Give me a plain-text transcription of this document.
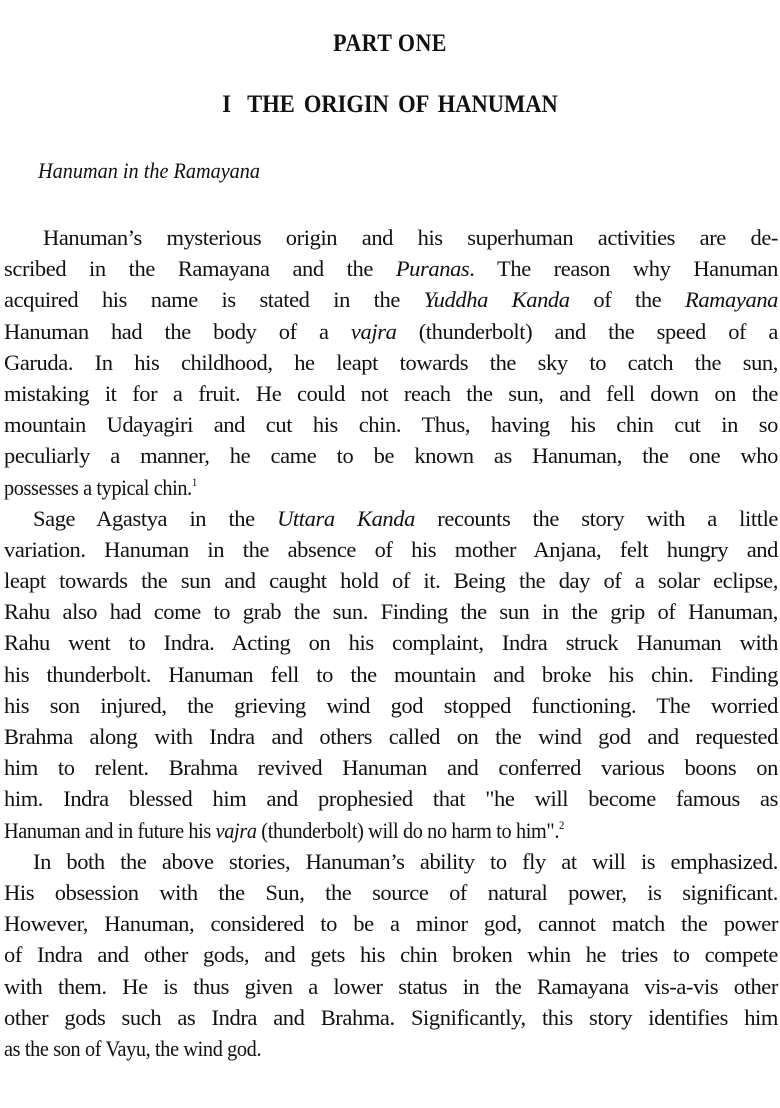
PART ONE
I THE ORIGIN OF HANUMAN
Hanuman in the Ramayana
Hanuman’s mysterious origin and his superhuman activities are de-
scribed in the Ramayana and the Puranas. The reason why Hanuman
acquired his name is stated in the Yuddha Kanda of the Ramayana
Hanuman had the body of a vajra (thunderbolt) and the speed of a
Garuda. In his childhood, he leapt towards the sky to catch the sun,
mistaking it for a fruit. He could not reach the sun, and fell down on the
mountain Udayagiri and cut his chin. Thus, having his chin cut in so
peculiarly a manner, he came to be known as Hanuman, the one who
possesses a typical chin.$^1$
Sage Agastya in the Uttara Kanda recounts the story with a little
variation. Hanuman in the absence of his mother Anjana, felt hungry and
leapt towards the sun and caught hold of it. Being the day of a solar eclipse,
Rahu also had come to grab the sun. Finding the sun in the grip of Hanuman,
Rahu went to Indra. Acting on his complaint, Indra struck Hanuman with
his thunderbolt. Hanuman fell to the mountain and broke his chin. Finding
his son injured, the grieving wind god stopped functioning. The worried
Brahma along with Indra and others called on the wind god and requested
him to relent. Brahma revived Hanuman and conferred various boons on
him. Indra blessed him and prophesied that "he will become famous as
Hanuman and in future his vajra (thunderbolt) will do no harm to him".$^2$
In both the above stories, Hanuman’s ability to fly at will is emphasized.
His obsession with the Sun, the source of natural power, is significant.
However, Hanuman, considered to be a minor god, cannot match the power
of Indra and other gods, and gets his chin broken whin he tries to compete
with them. He is thus given a lower status in the Ramayana vis-a-vis other
other gods such as Indra and Brahma. Significantly, this story identifies him
as the son of Vayu, the wind god.
